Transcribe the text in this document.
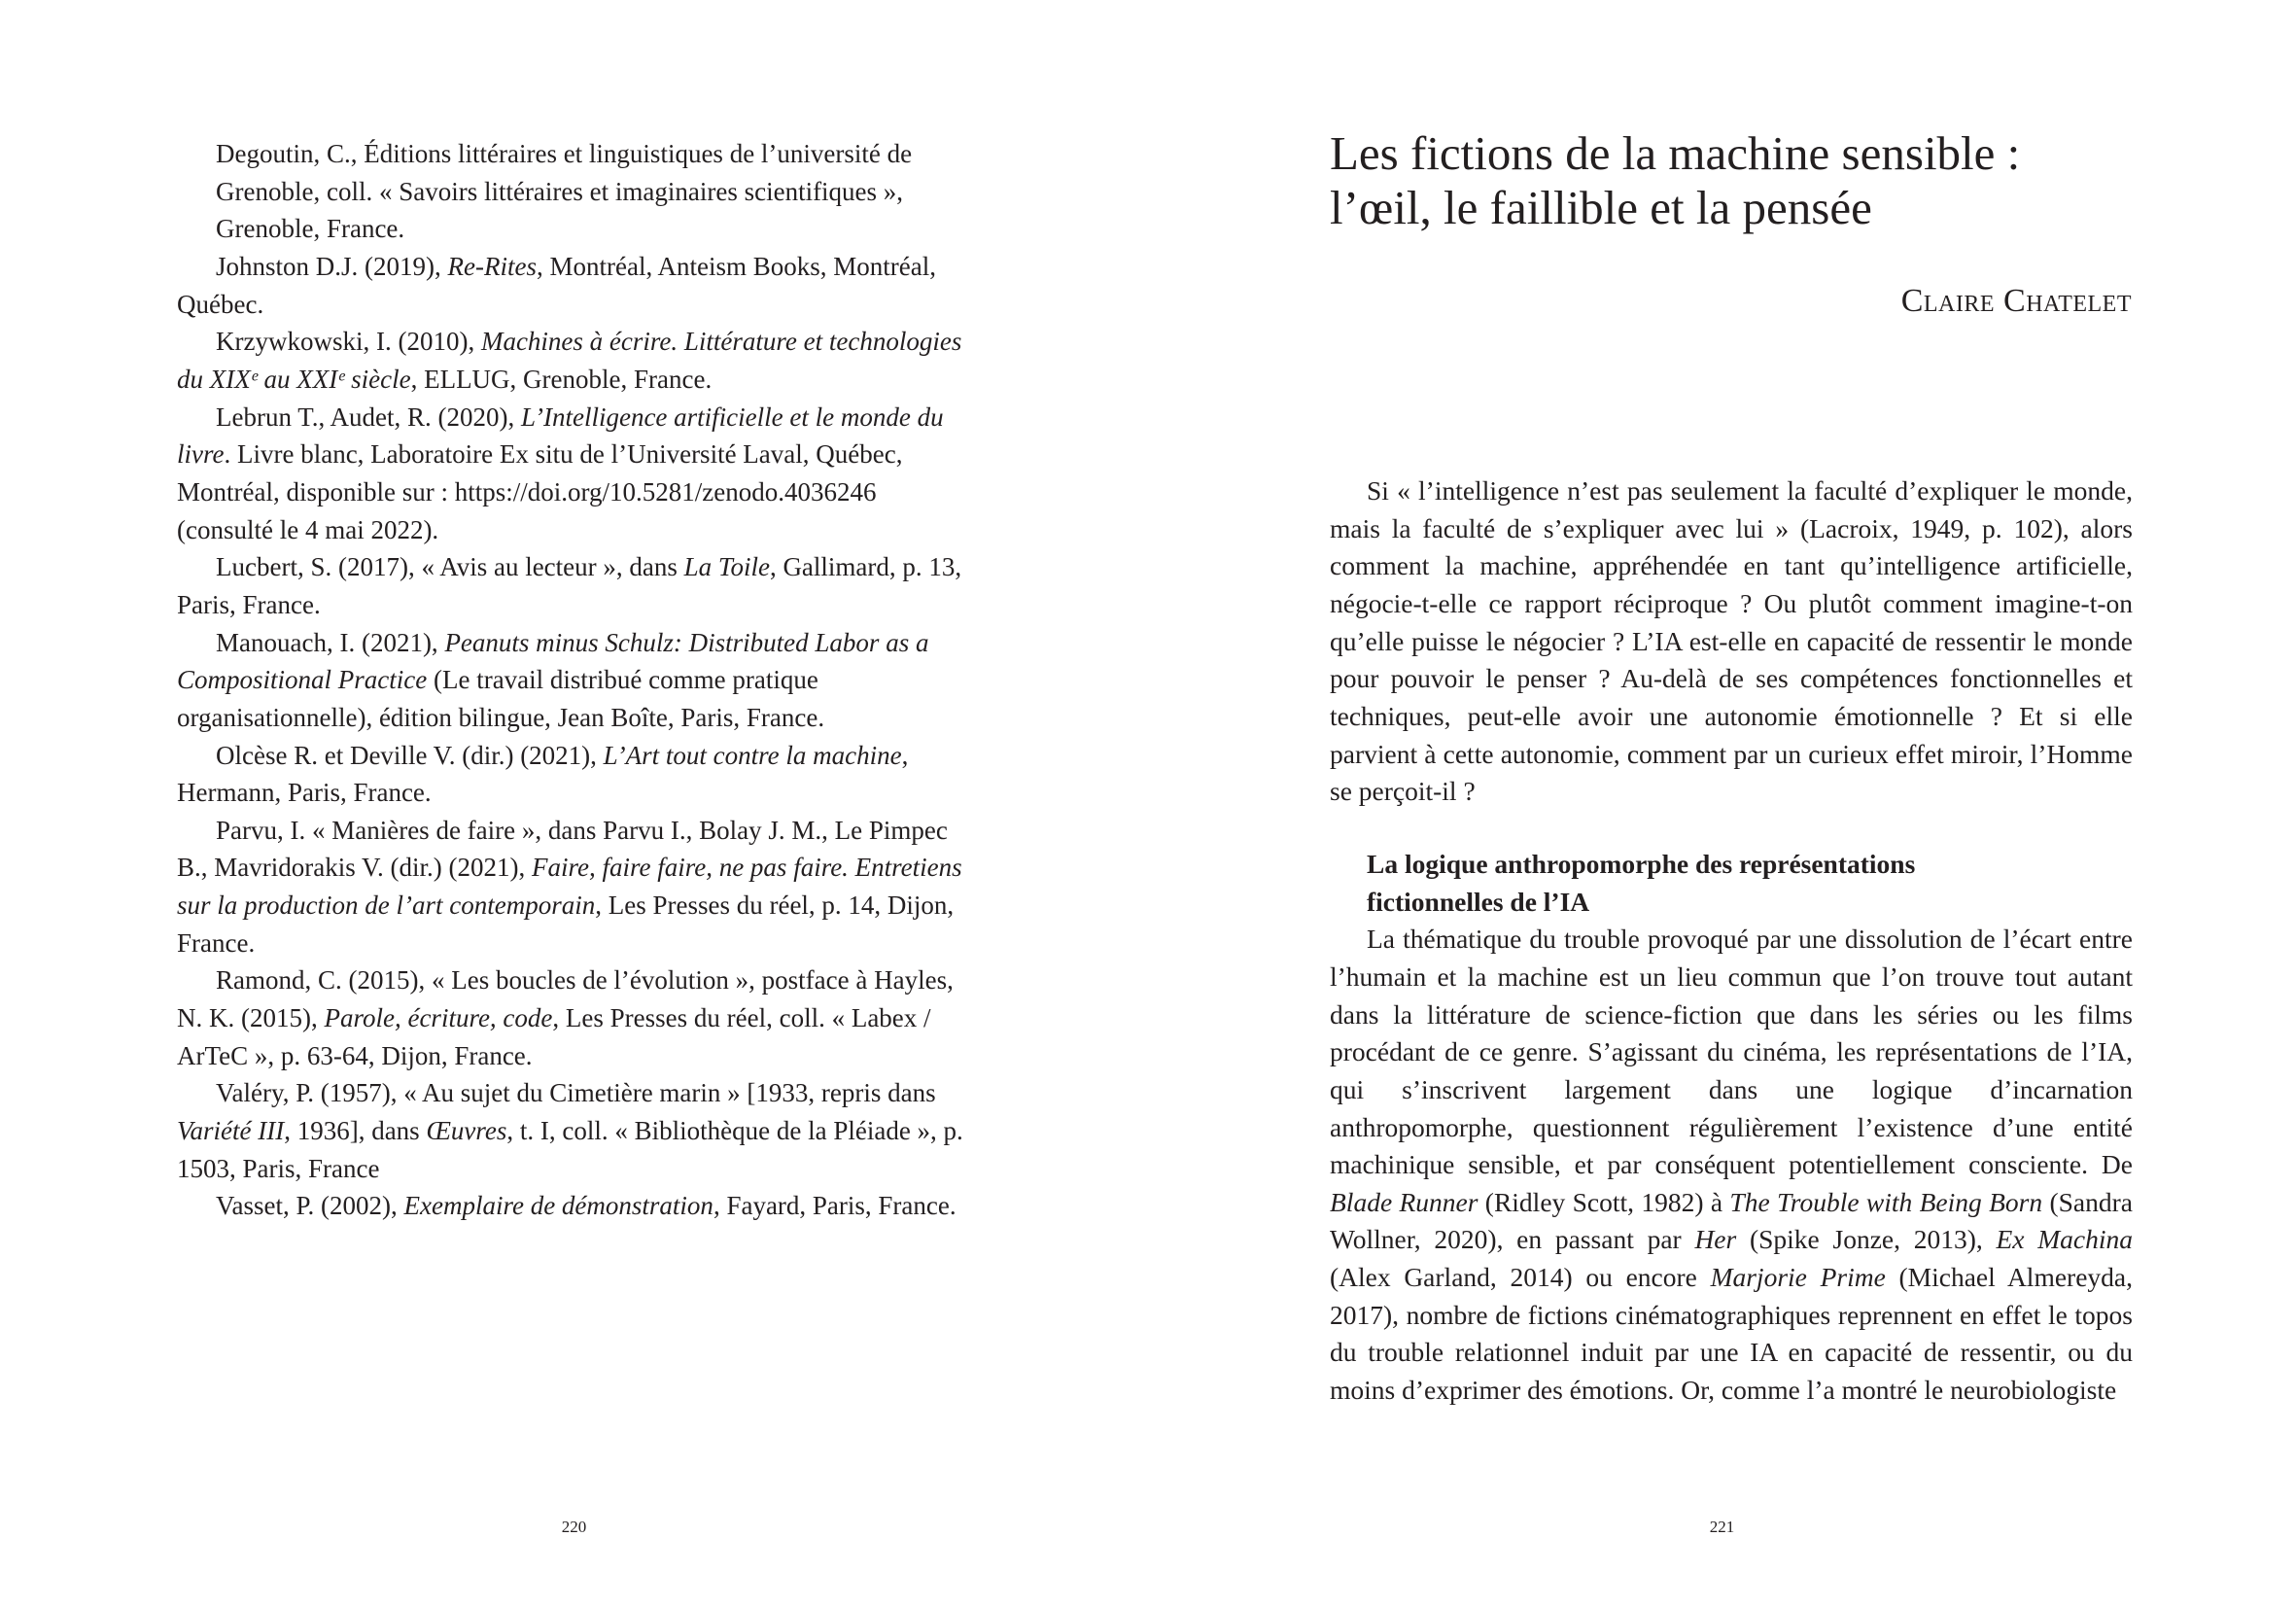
Degoutin, C., Éditions littéraires et linguistiques de l’université de Grenoble, coll. « Savoirs littéraires et imaginaires scientifiques », Grenoble, France.

Johnston D.J. (2019), Re-Rites, Montréal, Anteism Books, Montréal, Québec.

Krzywkowski, I. (2010), Machines à écrire. Littérature et technologies du XIXᵉ au XXIᵉ siècle, ELLUG, Grenoble, France.

Lebrun T., Audet, R. (2020), L’Intelligence artificielle et le monde du livre. Livre blanc, Laboratoire Ex situ de l’Université Laval, Québec, Montréal, disponible sur : https://doi.org/10.5281/zenodo.4036246 (consulté le 4 mai 2022).

Lucbert, S. (2017), « Avis au lecteur », dans La Toile, Gallimard, p. 13, Paris, France.

Manouach, I. (2021), Peanuts minus Schulz: Distributed Labor as a Compositional Practice (Le travail distribué comme pratique organisationnelle), édition bilingue, Jean Boîte, Paris, France.

Olcèse R. et Deville V. (dir.) (2021), L’Art tout contre la machine, Hermann, Paris, France.

Parvu, I. « Manières de faire », dans Parvu I., Bolay J. M., Le Pimpec B., Mavridorakis V. (dir.) (2021), Faire, faire faire, ne pas faire. Entretiens sur la production de l’art contemporain, Les Presses du réel, p. 14, Dijon, France.

Ramond, C. (2015), « Les boucles de l’évolution », postface à Hayles, N. K. (2015), Parole, écriture, code, Les Presses du réel, coll. « Labex / ArTeC », p. 63-64, Dijon, France.

Valéry, P. (1957), « Au sujet du Cimetière marin » [1933, repris dans Variété III, 1936], dans Œuvres, t. I, coll. « Bibliothèque de la Pléiade », p. 1503, Paris, France

Vasset, P. (2002), Exemplaire de démonstration, Fayard, Paris, France.

220
Les fictions de la machine sensible :
l’œil, le faillible et la pensée

Claire Chatelet

Si « l’intelligence n’est pas seulement la faculté d’expliquer le monde, mais la faculté de s’expliquer avec lui » (Lacroix, 1949, p. 102), alors comment la machine, appréhendée en tant qu’intelligence artificielle, négocie-t-elle ce rapport réciproque ? Ou plutôt comment imagine-t-on qu’elle puisse le négocier ? L’IA est-elle en capacité de ressentir le monde pour pouvoir le penser ? Au-delà de ses compétences fonctionnelles et techniques, peut-elle avoir une autonomie émotionnelle ? Et si elle parvient à cette autonomie, comment par un curieux effet miroir, l’Homme se perçoit-il ?

La logique anthropomorphe des représentations
fictionnelles de l’IA

La thématique du trouble provoqué par une dissolution de l’écart entre l’humain et la machine est un lieu commun que l’on trouve tout autant dans la littérature de science-fiction que dans les séries ou les films procédant de ce genre. S’agissant du cinéma, les représentations de l’IA, qui s’inscrivent largement dans une logique d’incarnation anthropomorphe, questionnent régulièrement l’existence d’une entité machinique sensible, et par conséquent potentiellement consciente. De Blade Runner (Ridley Scott, 1982) à The Trouble with Being Born (Sandra Wollner, 2020), en passant par Her (Spike Jonze, 2013), Ex Machina (Alex Garland, 2014) ou encore Marjorie Prime (Michael Almereyda, 2017), nombre de fictions cinématographiques reprennent en effet le topos du trouble relationnel induit par une IA en capacité de ressentir, ou du moins d’exprimer des émotions. Or, comme l’a montré le neurobiologiste

221
